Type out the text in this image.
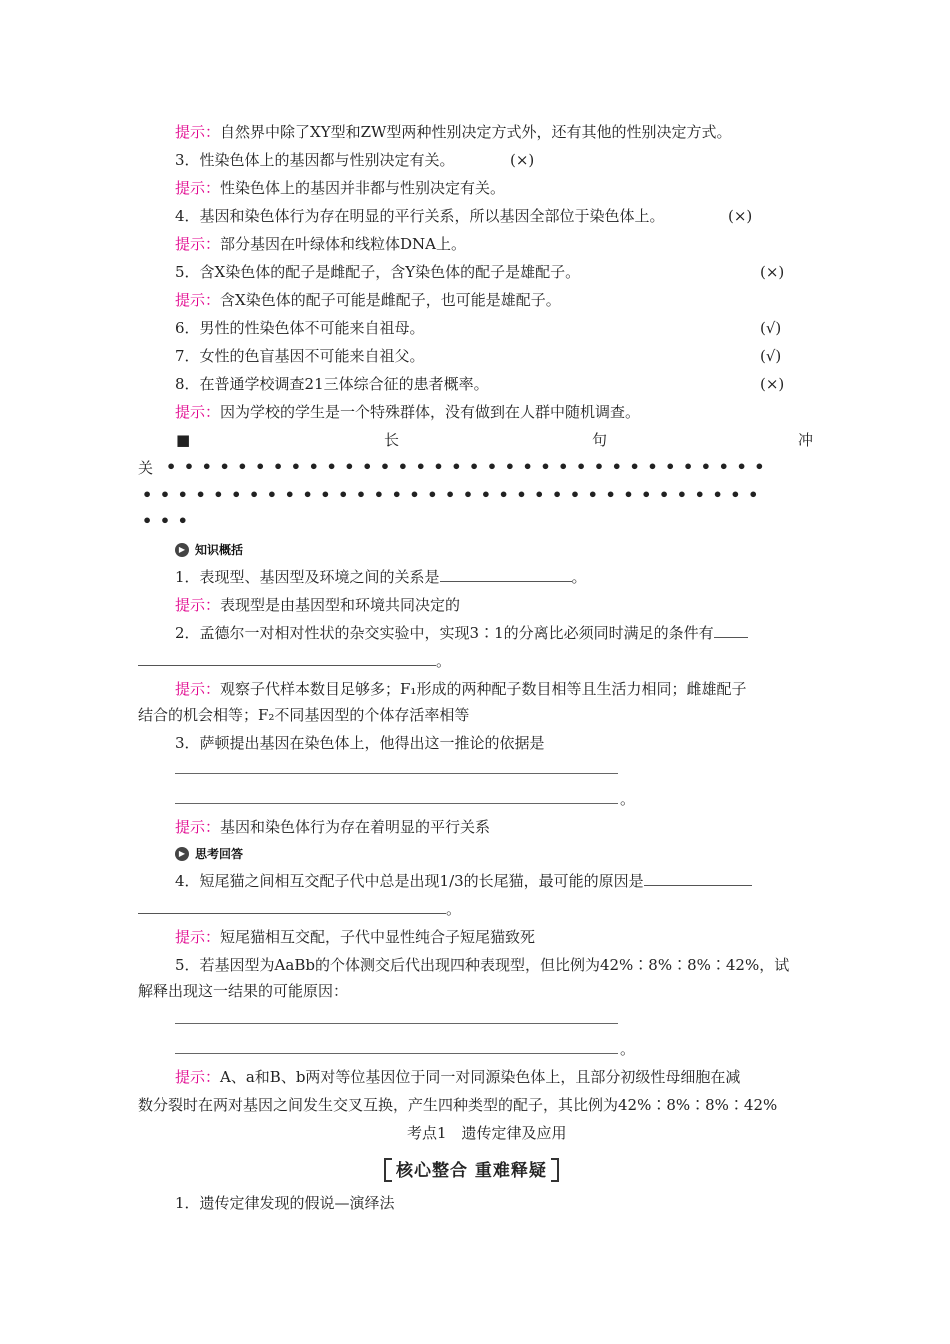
提示：自然界中除了XY型和ZW型两种性别决定方式外，还有其他的性别决定方式。
3．性染色体上的基因都与性别决定有关。	(×)
提示：性染色体上的基因并非都与性别决定有关。
4．基因和染色体行为存在明显的平行关系，所以基因全部位于染色体上。	(×)
提示：部分基因在叶绿体和线粒体DNA上。
5．含X染色体的配子是雌配子，含Y染色体的配子是雄配子。	(×)
提示：含X染色体的配子可能是雌配子，也可能是雄配子。
6．男性的性染色体不可能来自祖母。	(√)
7．女性的色盲基因不可能来自祖父。	(√)
8．在普通学校调查21三体综合征的患者概率。	(×)
提示：因为学校的学生是一个特殊群体，没有做到在人群中随机调查。
■	长	句	冲
关 ••••••••••••••••••••••••••••••••••
•••••••••••••••••••••••••••••••••••
•••
▶ 知识概括
1．表现型、基因型及环境之间的关系是	。
提示：表现型是由基因型和环境共同决定的
2．孟德尔一对相对性状的杂交实验中，实现3∶1的分离比必须同时满足的条件有
。
提示：观察子代样本数目足够多；F₁形成的两种配子数目相等且生活力相同；雌雄配子
结合的机会相等；F₂不同基因型的个体存活率相等
3．萨顿提出基因在染色体上，他得出这一推论的依据是
。
提示：基因和染色体行为存在着明显的平行关系
▶ 思考回答
4．短尾猫之间相互交配子代中总是出现1/3的长尾猫，最可能的原因是
。
提示：短尾猫相互交配，子代中显性纯合子短尾猫致死
5．若基因型为AaBb的个体测交后代出现四种表现型，但比例为42%∶8%∶8%∶42%，试
解释出现这一结果的可能原因：
。
提示：A、a和B、b两对等位基因位于同一对同源染色体上，且部分初级性母细胞在减
数分裂时在两对基因之间发生交叉互换，产生四种类型的配子，其比例为42%∶8%∶8%∶42%
考点1　遗传定律及应用
核心整合 重难释疑
1．遗传定律发现的假说—演绎法
